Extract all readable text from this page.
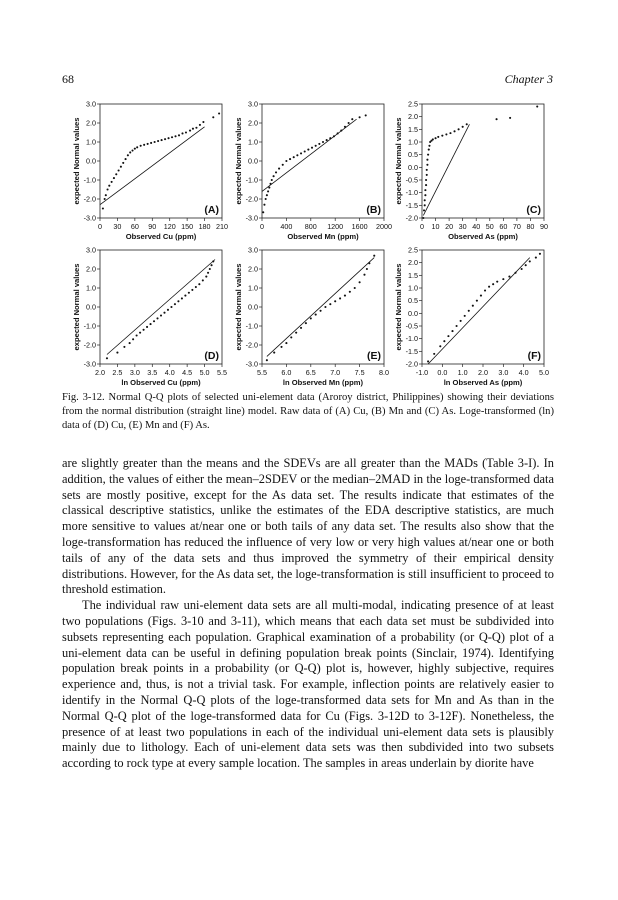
68	Chapter 3
3.0
2.0
1.0
0.0
-1.0
-2.0
-3.0
0 30 60 90 120 150 180 210
Observed Cu (ppm)
expected Normal values
(A)
3.0
2.0
1.0
0.0
-1.0
-2.0
-3.0
0 400 800 1200 1600 2000
Observed Mn (ppm)
expected Normal values
(B)
2.5
2.0
1.5
1.0
0.5
0.0
-0.5
-1.0
-1.5
-2.0
0 10 20 30 40 50 60 70 80 90
Observed As (ppm)
expected Normal values
(C)
3.0
2.0
1.0
0.0
-1.0
-2.0
-3.0
2.0 2.5 3.0 3.5 4.0 4.5 5.0 5.5
ln Observed Cu (ppm)
expected Normal values
(D)
3.0
2.0
1.0
0.0
-1.0
-2.0
-3.0
5.5 6.0 6.5 7.0 7.5 8.0
ln Observed Mn (ppm)
expected Normal values
(E)
2.5
2.0
1.5
1.0
0.5
0.0
-0.5
-1.0
-1.5
-2.0
-1.0 0.0 1.0 2.0 3.0 4.0 5.0
ln Observed As (ppm)
expected Normal values
(F)
Fig. 3-12. Normal Q-Q plots of selected uni-element data (Aroroy district, Philippines) showing their deviations from the normal distribution (straight line) model. Raw data of (A) Cu, (B) Mn and (C) As. Loge-transformed (ln) data of (D) Cu, (E) Mn and (F) As.

are slightly greater than the means and the SDEVs are all greater than the MADs (Table 3-I). In addition, the values of either the mean–2SDEV or the median–2MAD in the loge-transformed data sets are mostly positive, except for the As data set. The results indicate that estimates of the classical descriptive statistics, unlike the estimates of the EDA descriptive statistics, are much more sensitive to values at/near one or both tails of any data set. The results also show that the loge-transformation has reduced the influence of very low or very high values at/near one or both tails of any of the data sets and thus improved the symmetry of their empirical density distributions. However, for the As data set, the loge-transformation is still insufficient to proceed to threshold estimation.

The individual raw uni-element data sets are all multi-modal, indicating presence of at least two populations (Figs. 3-10 and 3-11), which means that each data set must be subdivided into subsets representing each population. Graphical examination of a probability (or Q-Q) plot of a uni-element data can be useful in defining population break points (Sinclair, 1974). Identifying population break points in a probability (or Q-Q) plot is, however, highly subjective, requires experience and, thus, is not a trivial task. For example, inflection points are relatively easier to identify in the Normal Q-Q plots of the loge-transformed data sets for Mn and As than in the Normal Q-Q plot of the loge-transformed data for Cu (Figs. 3-12D to 3-12F). Nonetheless, the presence of at least two populations in each of the individual uni-element data sets is plausibly mainly due to lithology. Each of uni-element data sets was then subdivided into two subsets according to rock type at every sample location. The samples in areas underlain by diorite have
